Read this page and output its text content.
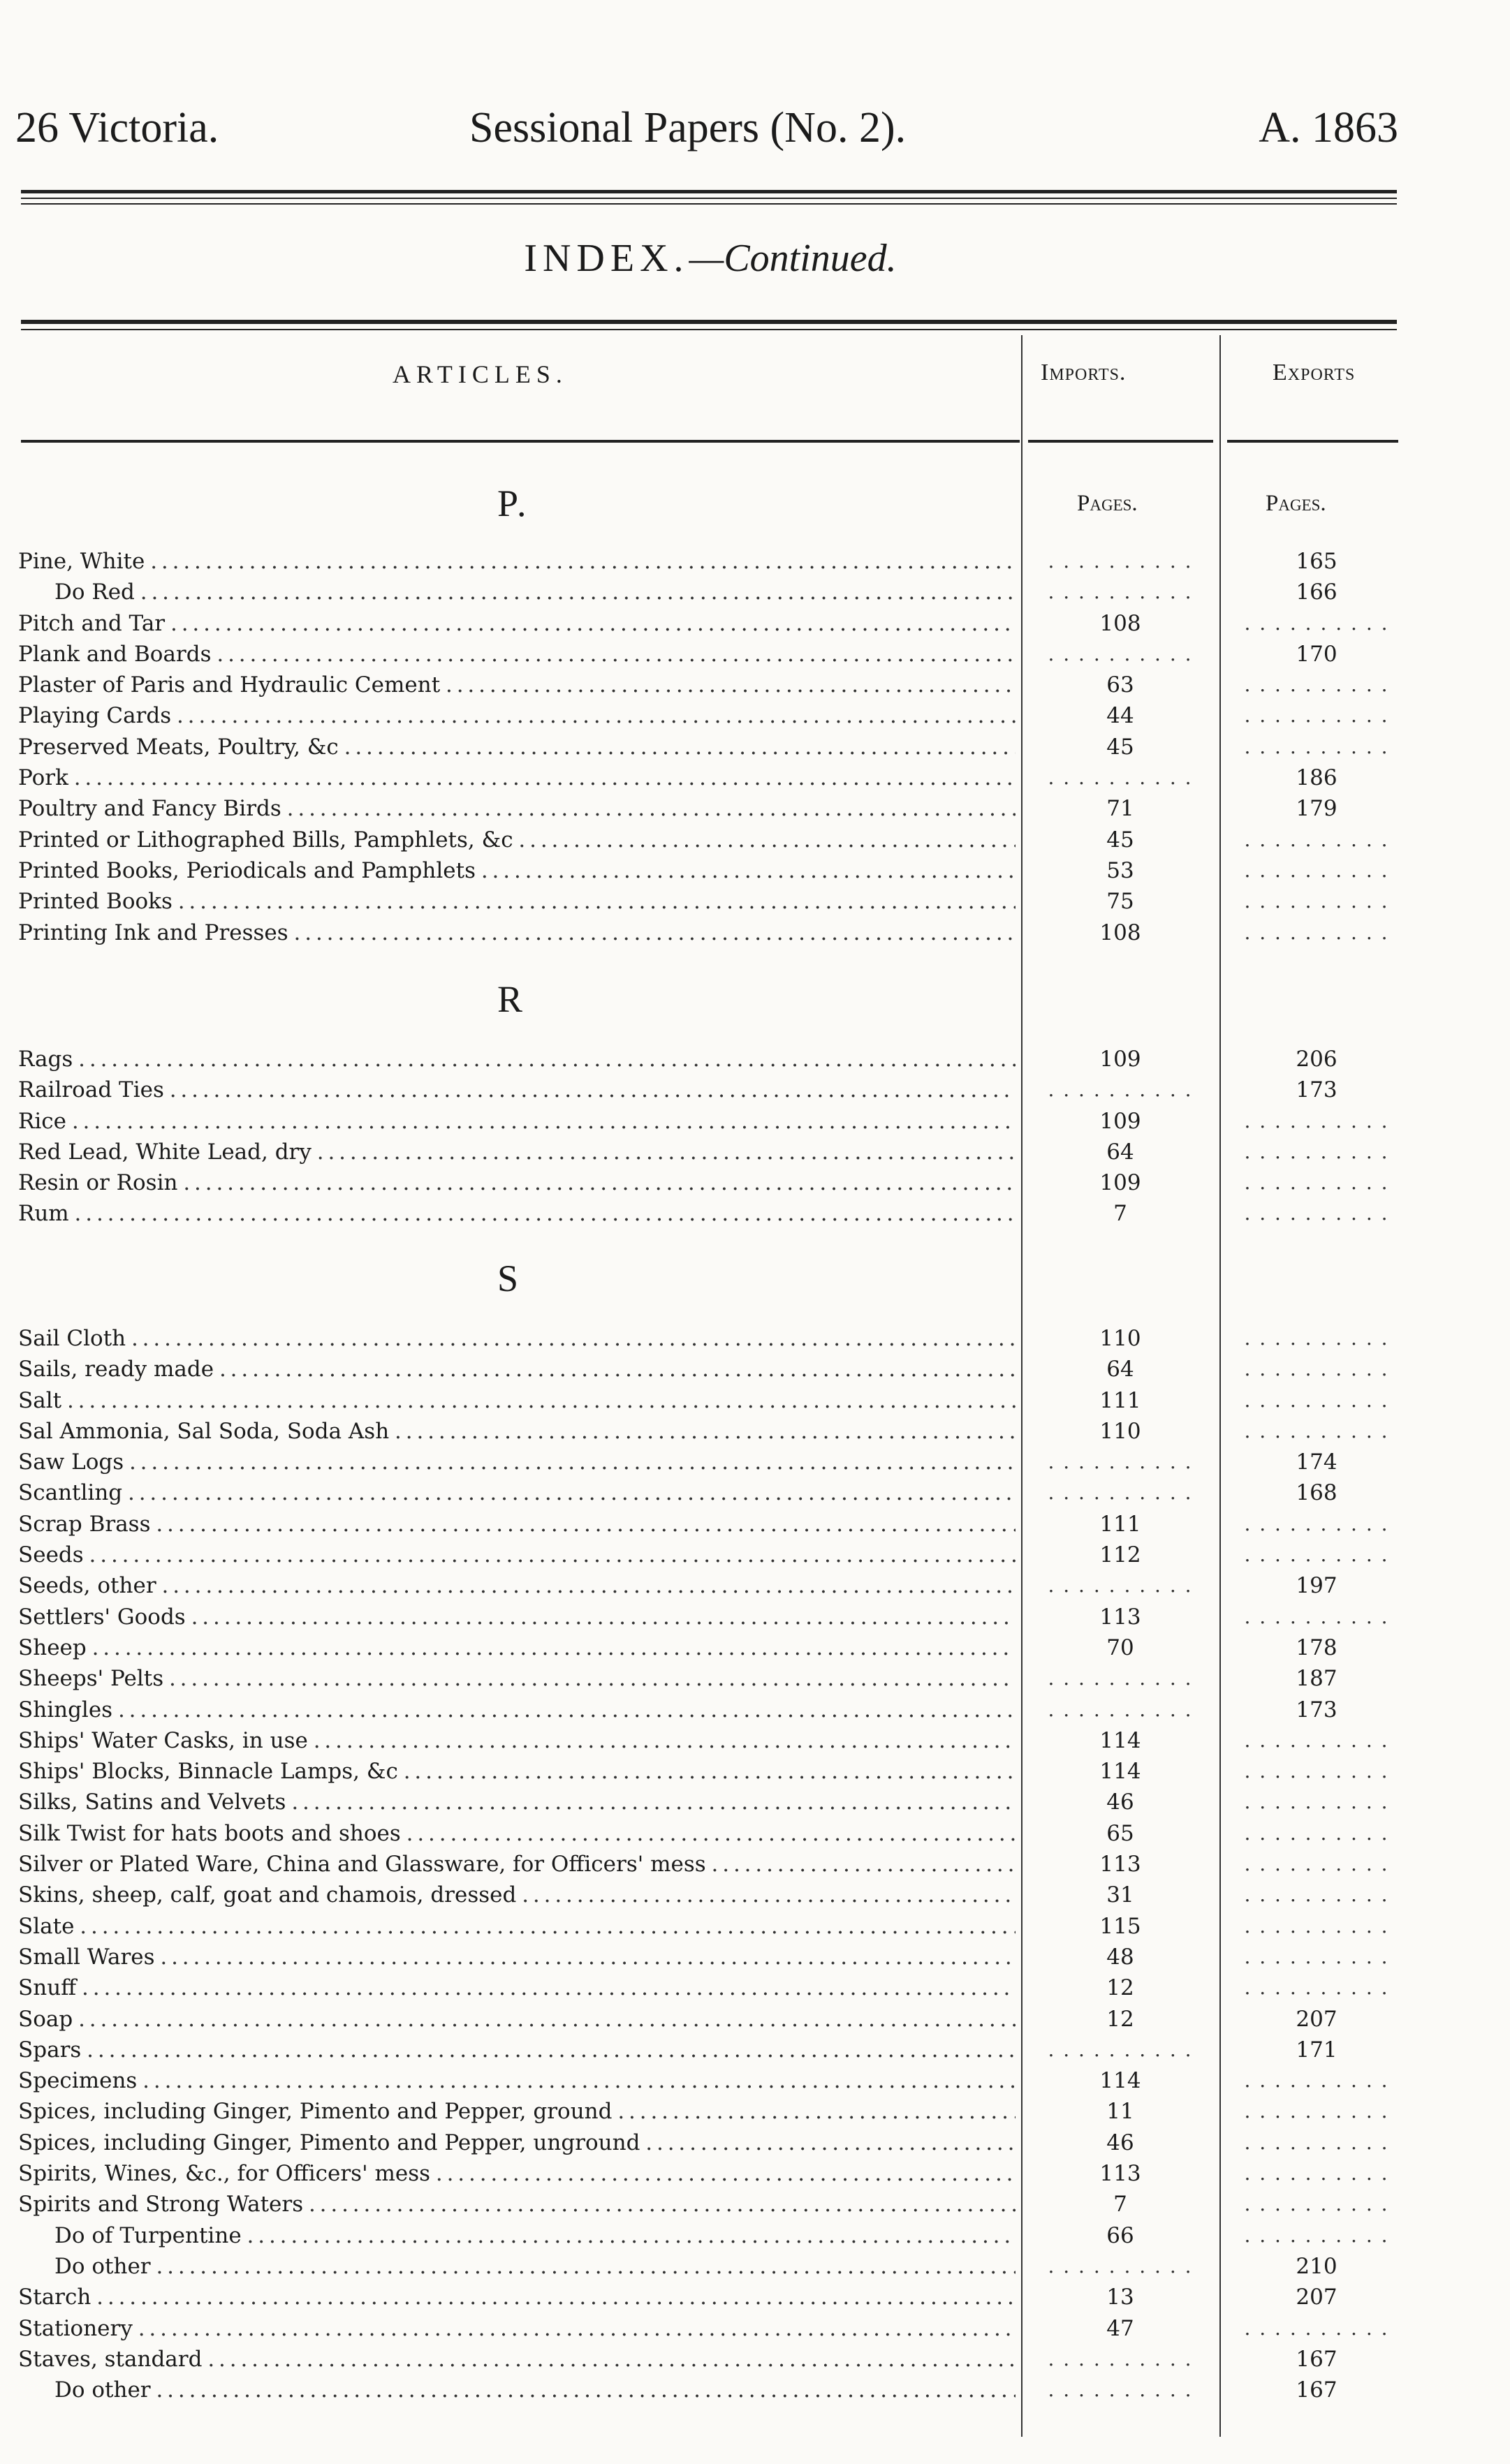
26 Victoria.	Sessional Papers (No. 2).	A. 1863
INDEX.—Continued.
ARTICLES.	Imports.	Exports
Pages.	Pages.
P.
Pine, White . . .	. . . . . . . . . .	165
Do Red . . .	. . . . . . . . . .	166
Pitch and Tar . . .	108	. . . . . . . . . .
Plank and Boards . . .	. . . . . . . . . .	170
Plaster of Paris and Hydraulic Cement . . .	63	. . . . . . . . . .
Playing Cards . . .	44	. . . . . . . . . .
Preserved Meats, Poultry, &c . . .	45	. . . . . . . . . .
Pork . . .	. . . . . . . . . .	186
Poultry and Fancy Birds . . .	71	179
Printed or Lithographed Bills, Pamphlets, &c . . .	45	. . . . . . . . . .
Printed Books, Periodicals and Pamphlets . . .	53	. . . . . . . . . .
Printed Books . . .	75	. . . . . . . . . .
Printing Ink and Presses . . .	108	. . . . . . . . . .
R
Rags . . .	109	206
Railroad Ties . . .	. . . . . . . . . .	173
Rice . . .	109	. . . . . . . . . .
Red Lead, White Lead, dry . . .	64	. . . . . . . . . .
Resin or Rosin . . .	109	. . . . . . . . . .
Rum . . .	7	. . . . . . . . . .
S
Sail Cloth . . .	110	. . . . . . . . . .
Sails, ready made . . .	64	. . . . . . . . . .
Salt . . .	111	. . . . . . . . . .
Sal Ammonia, Sal Soda, Soda Ash . . .	110	. . . . . . . . . .
Saw Logs . . .	. . . . . . . . . .	174
Scantling . . .	. . . . . . . . . .	168
Scrap Brass . . .	111	. . . . . . . . . .
Seeds . . .	112	. . . . . . . . . .
Seeds, other . . .	. . . . . . . . . .	197
Settlers' Goods . . .	113	. . . . . . . . . .
Sheep . . .	70	178
Sheeps' Pelts . . .	. . . . . . . . . .	187
Shingles . . .	. . . . . . . . . .	173
Ships' Water Casks, in use . . .	114	. . . . . . . . . .
Ships' Blocks, Binnacle Lamps, &c . . .	114	. . . . . . . . . .
Silks, Satins and Velvets . . .	46	. . . . . . . . . .
Silk Twist for hats boots and shoes . . .	65	. . . . . . . . . .
Silver or Plated Ware, China and Glassware, for Officers' mess . . .	113	. . . . . . . . . .
Skins, sheep, calf, goat and chamois, dressed . . .	31	. . . . . . . . . .
Slate . . .	115	. . . . . . . . . .
Small Wares . . .	48	. . . . . . . . . .
Snuff . . .	12	. . . . . . . . . .
Soap . . .	12	207
Spars . . .	. . . . . . . . . .	171
Specimens . . .	114	. . . . . . . . . .
Spices, including Ginger, Pimento and Pepper, ground . . .	11	. . . . . . . . . .
Spices, including Ginger, Pimento and Pepper, unground . . .	46	. . . . . . . . . .
Spirits, Wines, &c., for Officers' mess . . .	113	. . . . . . . . . .
Spirits and Strong Waters . . .	7	. . . . . . . . . .
Do of Turpentine . . .	66	. . . . . . . . . .
Do other . . .	. . . . . . . . . .	210
Starch . . .	13	207
Stationery . . .	47	. . . . . . . . . .
Staves, standard . . .	. . . . . . . . . .	167
Do other . . .	. . . . . . . . . .	167
